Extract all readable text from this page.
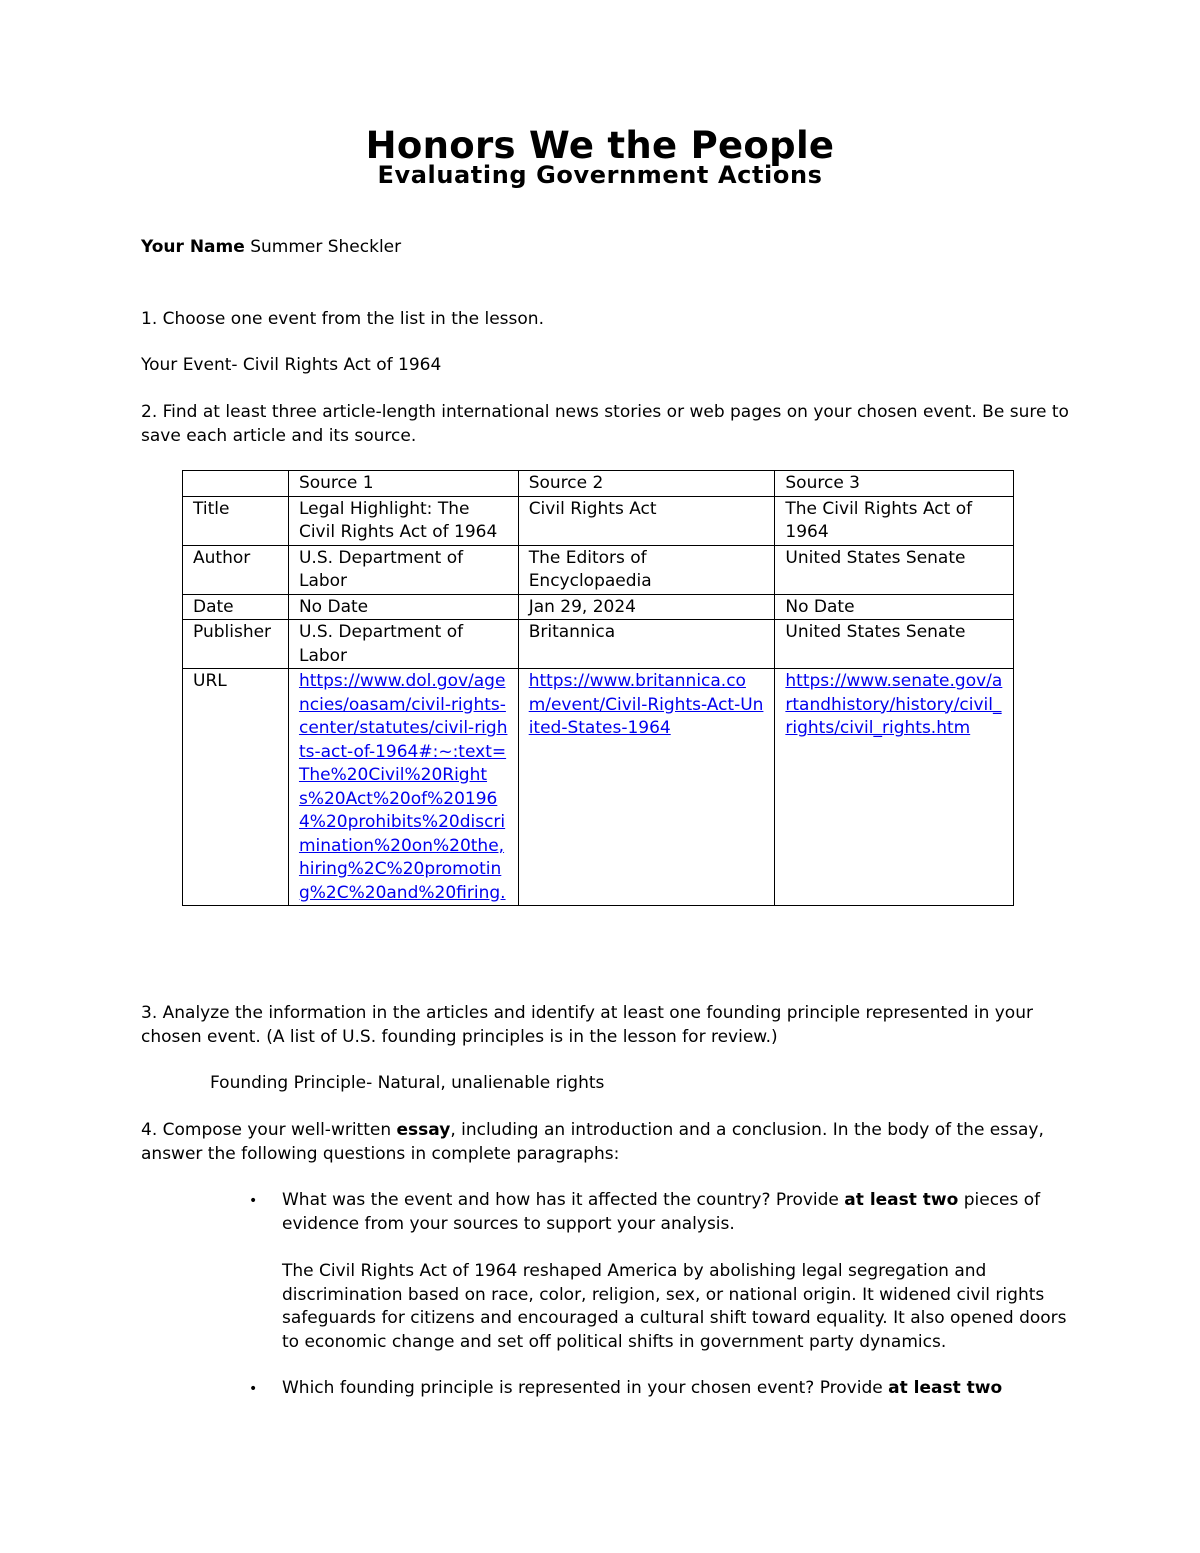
Honors We the People
Evaluating Government Actions
Your Name Summer Sheckler
1. Choose one event from the list in the lesson.
Your Event- Civil Rights Act of 1964
2. Find at least three article-length international news stories or web pages on your chosen event. Be sure to save each article and its source.
	Source 1	Source 2	Source 3
Title	Legal Highlight: The Civil Rights Act of 1964	Civil Rights Act	The Civil Rights Act of 1964
Author	U.S. Department of Labor	The Editors of Encyclopaedia	United States Senate
Date	No Date	Jan 29, 2024	No Date
Publisher	U.S. Department of Labor	Britannica	United States Senate
URL	https://www.dol.gov/agencies/oasam/civil-rights-center/statutes/civil-rights-act-of-1964#:~:text=The%20Civil%20Rights%20Act%20of%201964%20prohibits%20discrimination%20on%20the,hiring%2C%20promoting%2C%20and%20firing.	https://www.britannica.com/event/Civil-Rights-Act-United-States-1964	https://www.senate.gov/artandhistory/history/civil_rights/civil_rights.htm
3. Analyze the information in the articles and identify at least one founding principle represented in your chosen event. (A list of U.S. founding principles is in the lesson for review.)
Founding Principle- Natural, unalienable rights
4. Compose your well-written essay, including an introduction and a conclusion. In the body of the essay, answer the following questions in complete paragraphs:
• What was the event and how has it affected the country? Provide at least two pieces of evidence from your sources to support your analysis.
The Civil Rights Act of 1964 reshaped America by abolishing legal segregation and discrimination based on race, color, religion, sex, or national origin. It widened civil rights safeguards for citizens and encouraged a cultural shift toward equality. It also opened doors to economic change and set off political shifts in government party dynamics.
• Which founding principle is represented in your chosen event? Provide at least two
